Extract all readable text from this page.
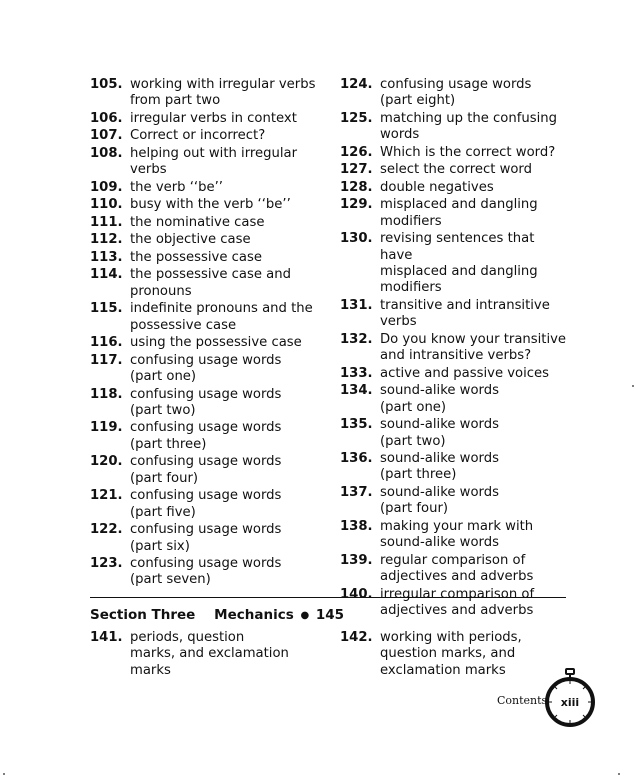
105. working with irregular verbs
from part two
106. irregular verbs in context
107. Correct or incorrect?
108. helping out with irregular
verbs
109. the verb ‘‘be’’
110. busy with the verb ‘‘be’’
111. the nominative case
112. the objective case
113. the possessive case
114. the possessive case and
pronouns
115. indefinite pronouns and the
possessive case
116. using the possessive case
117. confusing usage words
(part one)
118. confusing usage words
(part two)
119. confusing usage words
(part three)
120. confusing usage words
(part four)
121. confusing usage words
(part five)
122. confusing usage words
(part six)
123. confusing usage words
(part seven)
124. confusing usage words
(part eight)
125. matching up the confusing
words
126. Which is the correct word?
127. select the correct word
128. double negatives
129. misplaced and dangling
modifiers
130. revising sentences that have
misplaced and dangling
modifiers
131. transitive and intransitive
verbs
132. Do you know your transitive
and intransitive verbs?
133. active and passive voices
134. sound-alike words
(part one)
135. sound-alike words
(part two)
136. sound-alike words
(part three)
137. sound-alike words
(part four)
138. making your mark with
sound-alike words
139. regular comparison of
adjectives and adverbs
140. irregular comparison of
adjectives and adverbs
Section Three Mechanics ● 145
141. periods, question
marks, and exclamation
marks
142. working with periods,
question marks, and
exclamation marks
Contents xiii
